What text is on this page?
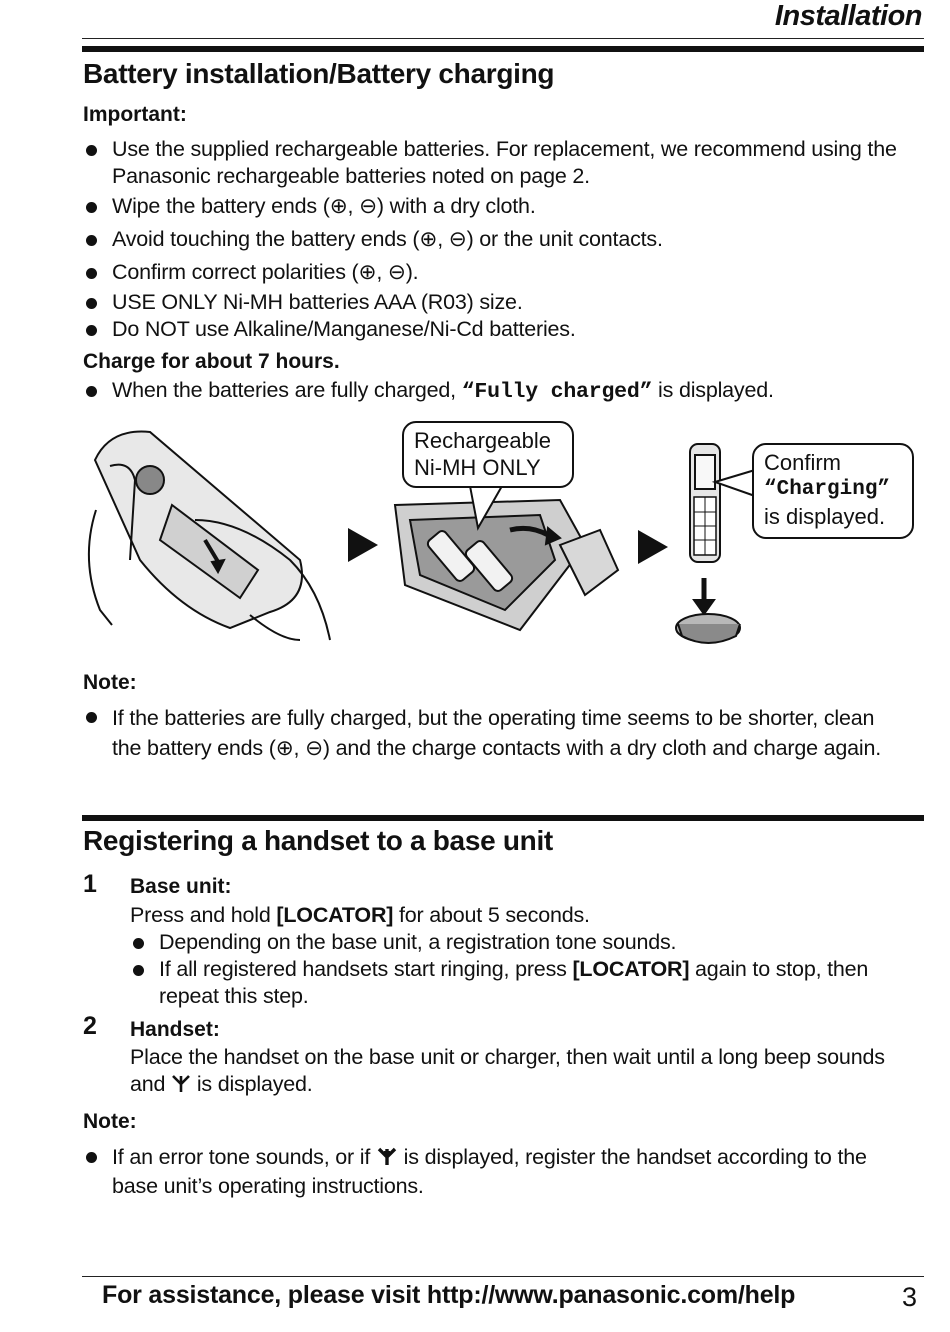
Installation
Battery installation/Battery charging
Important:
Use the supplied rechargeable batteries. For replacement, we recommend using the Panasonic rechargeable batteries noted on page 2.
Wipe the battery ends (⊕, ⊖) with a dry cloth.
Avoid touching the battery ends (⊕, ⊖) or the unit contacts.
Confirm correct polarities (⊕, ⊖).
USE ONLY Ni-MH batteries AAA (R03) size.
Do NOT use Alkaline/Manganese/Ni-Cd batteries.
Charge for about 7 hours.
When the batteries are fully charged, “Fully charged” is displayed.
Rechargeable
Ni-MH ONLY	Confirm
“Charging”
is displayed.
Note:
If the batteries are fully charged, but the operating time seems to be shorter, clean the battery ends (⊕, ⊖) and the charge contacts with a dry cloth and charge again.
Registering a handset to a base unit
1 Base unit:
Press and hold [LOCATOR] for about 5 seconds.
Depending on the base unit, a registration tone sounds.
If all registered handsets start ringing, press [LOCATOR] again to stop, then repeat this step.
2 Handset:
Place the handset on the base unit or charger, then wait until a long beep sounds and  is displayed.
Note:
If an error tone sounds, or if  is displayed, register the handset according to the base unit’s operating instructions.
For assistance, please visit http://www.panasonic.com/help	3
